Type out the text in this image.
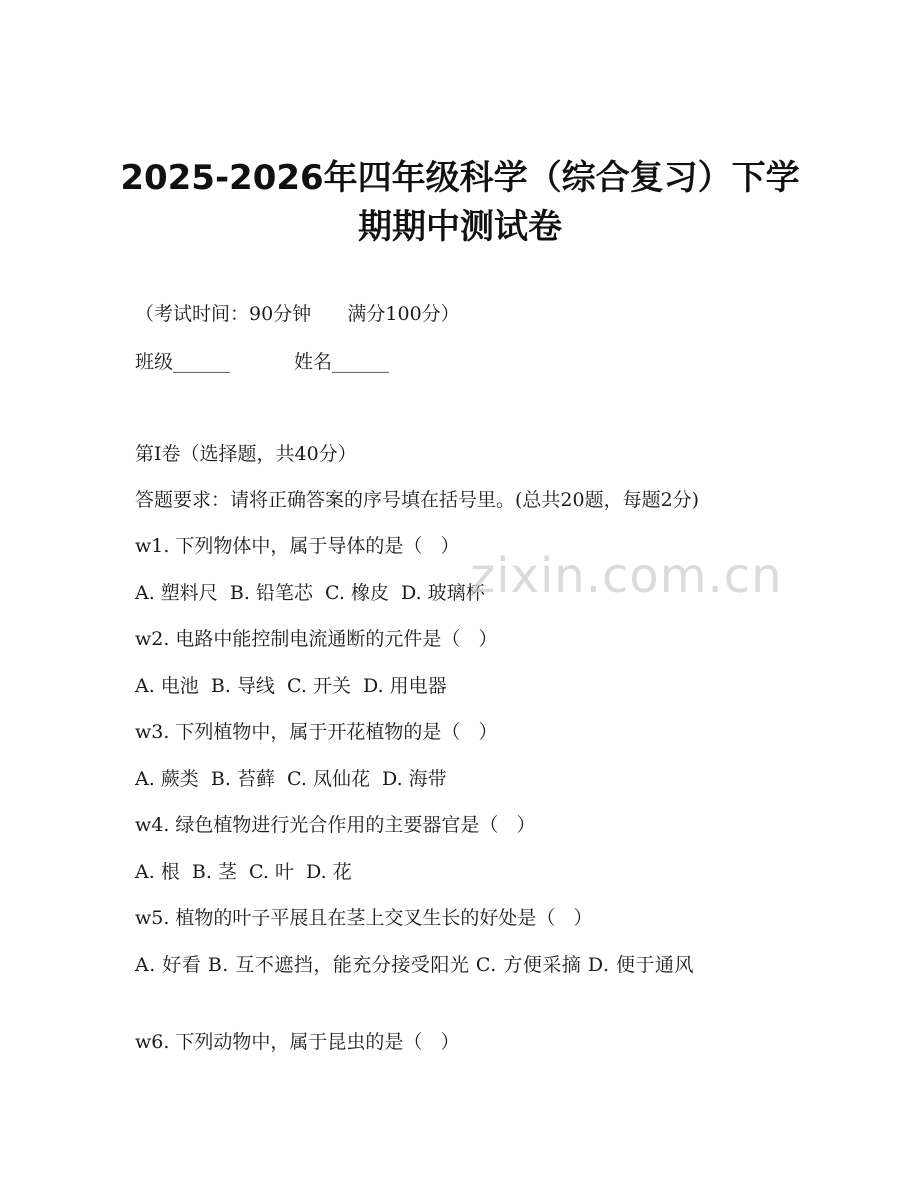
2025-2026年四年级科学（综合复习）下学
期期中测试卷
（考试时间：90分钟      满分100分）
班级______	姓名______
第I卷（选择题，共40分）
答题要求：请将正确答案的序号填在括号里。(总共20题，每题2分)
w1. 下列物体中，属于导体的是（   ）
A. 塑料尺  B. 铅笔芯  C. 橡皮  D. 玻璃杯
w2. 电路中能控制电流通断的元件是（   ）
A. 电池  B. 导线  C. 开关  D. 用电器
w3. 下列植物中，属于开花植物的是（   ）
A. 蕨类  B. 苔藓  C. 凤仙花  D. 海带
w4. 绿色植物进行光合作用的主要器官是（   ）
A. 根  B. 茎  C. 叶  D. 花
w5. 植物的叶子平展且在茎上交叉生长的好处是（   ）
A. 好看 B. 互不遮挡，能充分接受阳光 C. 方便采摘 D. 便于通风
w6. 下列动物中，属于昆虫的是（   ）
zixin.com.cn
